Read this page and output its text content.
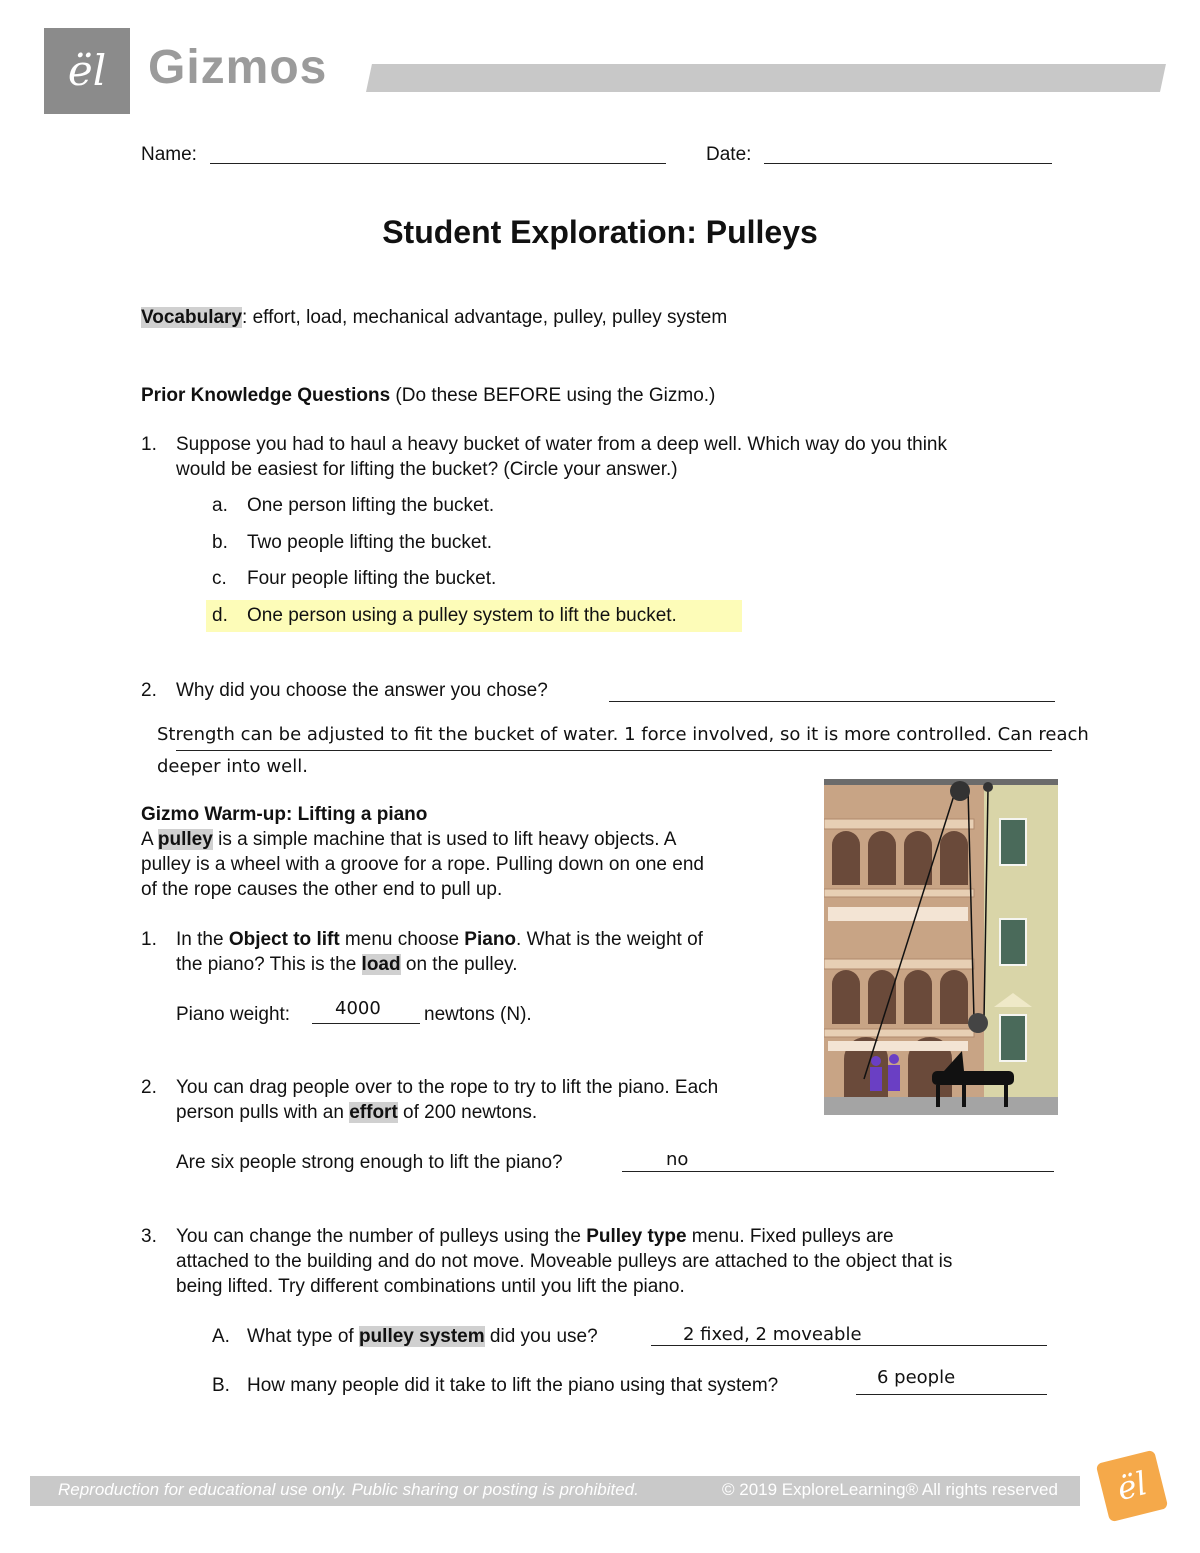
ël Gizmos
Name:	Date:
Student Exploration: Pulleys
Vocabulary: effort, load, mechanical advantage, pulley, pulley system
Prior Knowledge Questions (Do these BEFORE using the Gizmo.)
1. Suppose you had to haul a heavy bucket of water from a deep well. Which way do you think
would be easiest for lifting the bucket? (Circle your answer.)
a. One person lifting the bucket.
b. Two people lifting the bucket.
c. Four people lifting the bucket.
d. One person using a pulley system to lift the bucket.
2. Why did you choose the answer you chose?
Strength can be adjusted to fit the bucket of water. 1 force involved, so it is more controlled. Can reach
deeper into well.
Gizmo Warm-up: Lifting a piano
A pulley is a simple machine that is used to lift heavy objects. A
pulley is a wheel with a groove for a rope. Pulling down on one end
of the rope causes the other end to pull up.
1. In the Object to lift menu choose Piano. What is the weight of
the piano? This is the load on the pulley.
Piano weight: 4000 newtons (N).
2. You can drag people over to the rope to try to lift the piano. Each
person pulls with an effort of 200 newtons.
Are six people strong enough to lift the piano?	no
3. You can change the number of pulleys using the Pulley type menu. Fixed pulleys are
attached to the building and do not move. Moveable pulleys are attached to the object that is
being lifted. Try different combinations until you lift the piano.
A. What type of pulley system did you use?	2 fixed, 2 moveable
B. How many people did it take to lift the piano using that system?	6 people
Reproduction for educational use only. Public sharing or posting is prohibited.	© 2019 ExploreLearning® All rights reserved	ël
